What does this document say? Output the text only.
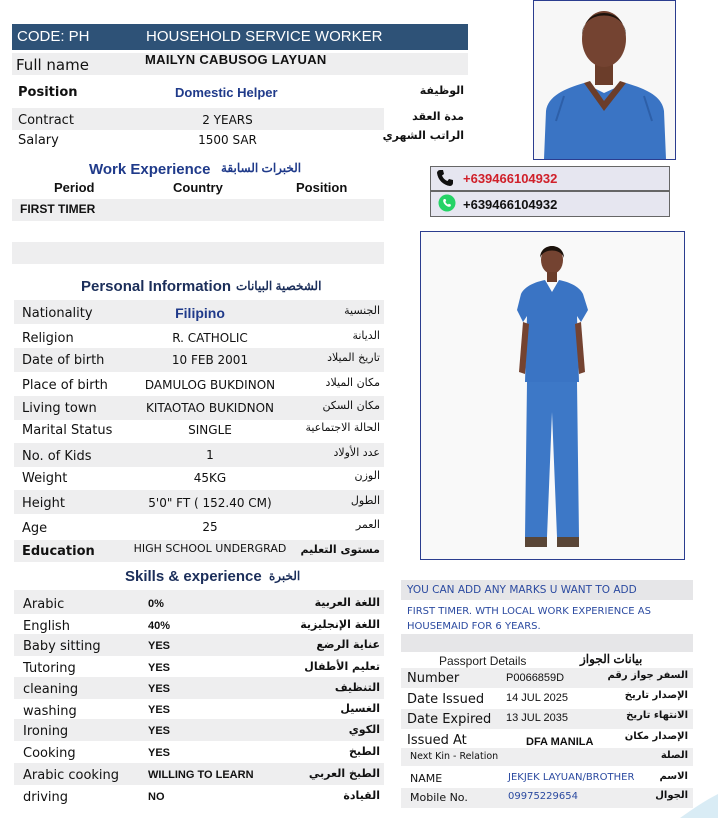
CODE: PH	HOUSEHOLD SERVICE WORKER
Full name	MAILYN CABUSOG LAYUAN
Position	Domestic Helper	الوظيفة
Contract	2 YEARS	مدة العقد
Salary	1500 SAR	الراتب الشهري
Work Experience الخبرات السابقة
Period	Country	Position
FIRST TIMER
+639466104932
+639466104932
Personal Information الشخصية البيانات
Nationality	Filipino	الجنسية
Religion	R. CATHOLIC	الديانة
Date of birth	10 FEB 2001	تاريخ الميلاد
Place of birth	DAMULOG BUKDINON	مكان الميلاد
Living town	KITAOTAO BUKIDNON	مكان السكن
Marital Status	SINGLE	الحالة الاجتماعية
No. of Kids	1	عدد الأولاد
Weight	45KG	الوزن
Height	5'0" FT ( 152.40 CM)	الطول
Age	25	العمر
Education	HIGH SCHOOL UNDERGRAD	مستوى التعليم
Skills & experience الخبرة
Arabic	0%	اللغة العربية
English	40%	اللغة الإنجليزية
Baby sitting	YES	عناية الرضع
Tutoring	YES	تعليم الأطفال
cleaning	YES	التنظيف
washing	YES	الغسيل
Ironing	YES	الكوي
Cooking	YES	الطبخ
Arabic cooking	WILLING TO LEARN	الطبخ العربي
driving	NO	القيادة
YOU CAN ADD ANY MARKS U WANT TO ADD
FIRST TIMER. WTH LOCAL WORK EXPERIENCE AS HOUSEMAID FOR 6 YEARS.
Passport Details	بيانات الجواز
Number	P0066859D	السفر جواز رقم
Date Issued 14 JUL 2025	الإصدار تاريخ
Date Expired 13 JUL 2035	الانتهاء تاريخ
Issued At	DFA MANILA	الإصدار مكان
Next Kin - Relation	الصلة
NAME	JEKJEK LAYUAN/BROTHER	الاسم
Mobile No.	09975229654	الجوال
